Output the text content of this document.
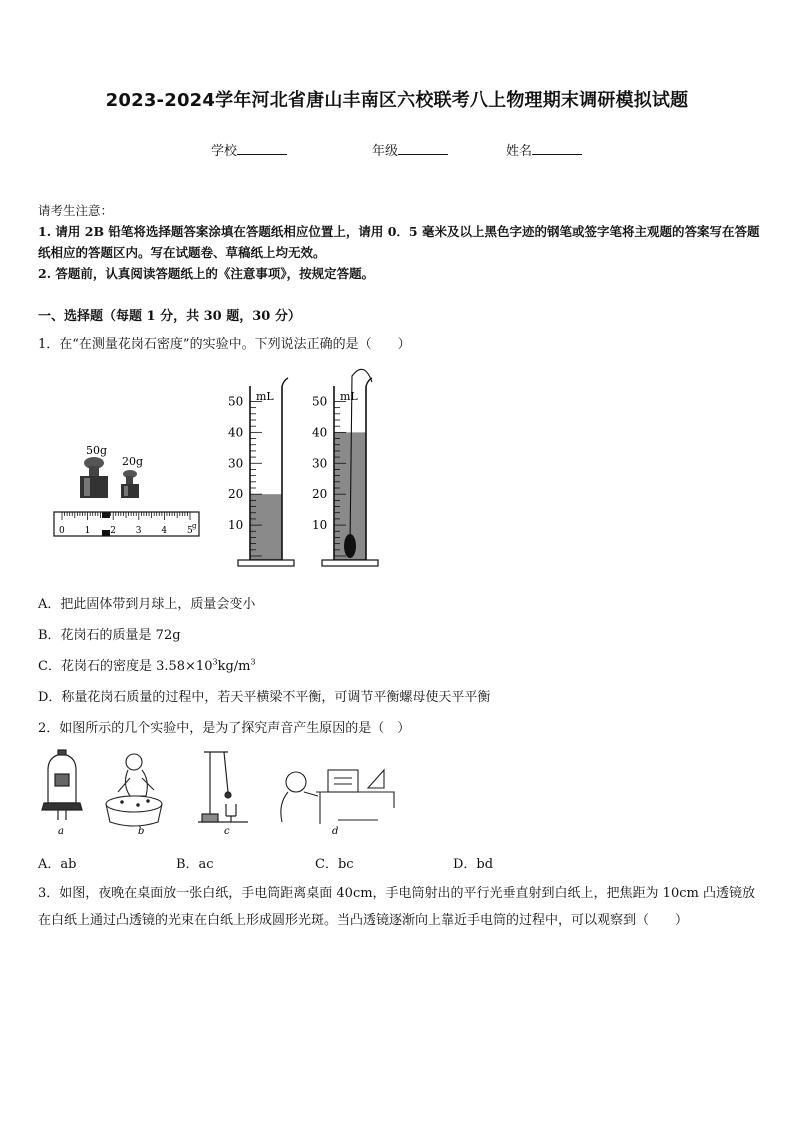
2023-2024学年河北省唐山丰南区六校联考八上物理期末调研模拟试题
学校	年级	姓名
请考生注意：
1. 请用 2B 铅笔将选择题答案涂填在答题纸相应位置上，请用 0．5 毫米及以上黑色字迹的钢笔或签字笔将主观题的答案写在答题纸相应的答题区内。写在试题卷、草稿纸上均无效。
2. 答题前，认真阅读答题纸上的《注意事项》，按规定答题。
一、选择题（每题 1 分，共 30 题，30 分）
1．在“在测量花岗石密度”的实验中。下列说法正确的是（　　）
50g
20g
0 1 2 3 4 5 g
50
40
30
20
10
mL	50
40
30
20
10
mL
A．把此固体带到月球上，质量会变小
B．花岗石的质量是 72g
C．花岗石的密度是 $3.58\times 10^3kg/m^3$
D．称量花岗石质量的过程中，若天平横梁不平衡，可调节平衡螺母使天平平衡
2．如图所示的几个实验中，是为了探究声音产生原因的是（　）
a	b	c	d
A．ab	B．ac	C．bc	D．bd
3．如图，夜晚在桌面放一张白纸，手电筒距离桌面 40cm，手电筒射出的平行光垂直射到白纸上，把焦距为 10cm 凸透镜放在白纸上通过凸透镜的光束在白纸上形成圆形光斑。当凸透镜逐渐向上靠近手电筒的过程中，可以观察到（　　）
